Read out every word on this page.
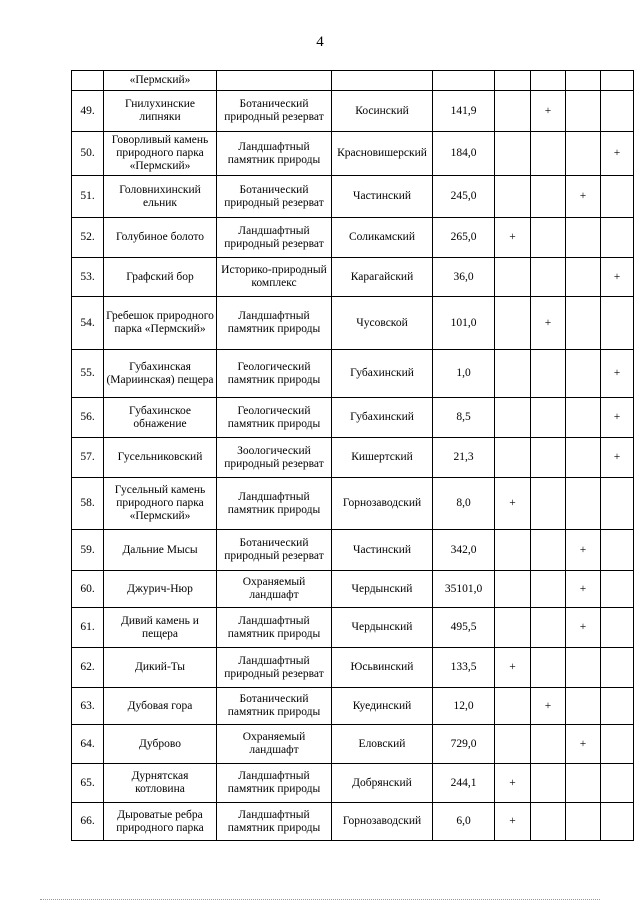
4
	«Пермский»							
49.	Гнилухинские липняки	Ботанический природный резерват	Косинский	141,9		+		
50.	Говорливый камень природного парка «Пермский»	Ландшафтный памятник природы	Красновишерский	184,0				+
51.	Головнихинский ельник	Ботанический природный резерват	Частинский	245,0			+	
52.	Голубиное болото	Ландшафтный природный резерват	Соликамский	265,0	+			
53.	Графский бор	Историко-природный комплекс	Карагайский	36,0				+
54.	Гребешок природного парка «Пермский»	Ландшафтный памятник природы	Чусовской	101,0		+		
55.	Губахинская (Мариинская) пещера	Геологический памятник природы	Губахинский	1,0				+
56.	Губахинское обнажение	Геологический памятник природы	Губахинский	8,5				+
57.	Гусельниковский	Зоологический природный резерват	Кишертский	21,3				+
58.	Гусельный камень природного парка «Пермский»	Ландшафтный памятник природы	Горнозаводский	8,0	+			
59.	Дальние Мысы	Ботанический природный резерват	Частинский	342,0			+	
60.	Джурич-Нюр	Охраняемый ландшафт	Чердынский	35101,0			+	
61.	Дивий камень и пещера	Ландшафтный памятник природы	Чердынский	495,5			+	
62.	Дикий-Ты	Ландшафтный природный резерват	Юсьвинский	133,5	+			
63.	Дубовая гора	Ботанический памятник природы	Куединский	12,0		+		
64.	Дуброво	Охраняемый ландшафт	Еловский	729,0			+	
65.	Дурнятская котловина	Ландшафтный памятник природы	Добрянский	244,1	+			
66.	Дыроватые ребра природного парка	Ландшафтный памятник природы	Горнозаводский	6,0	+			
